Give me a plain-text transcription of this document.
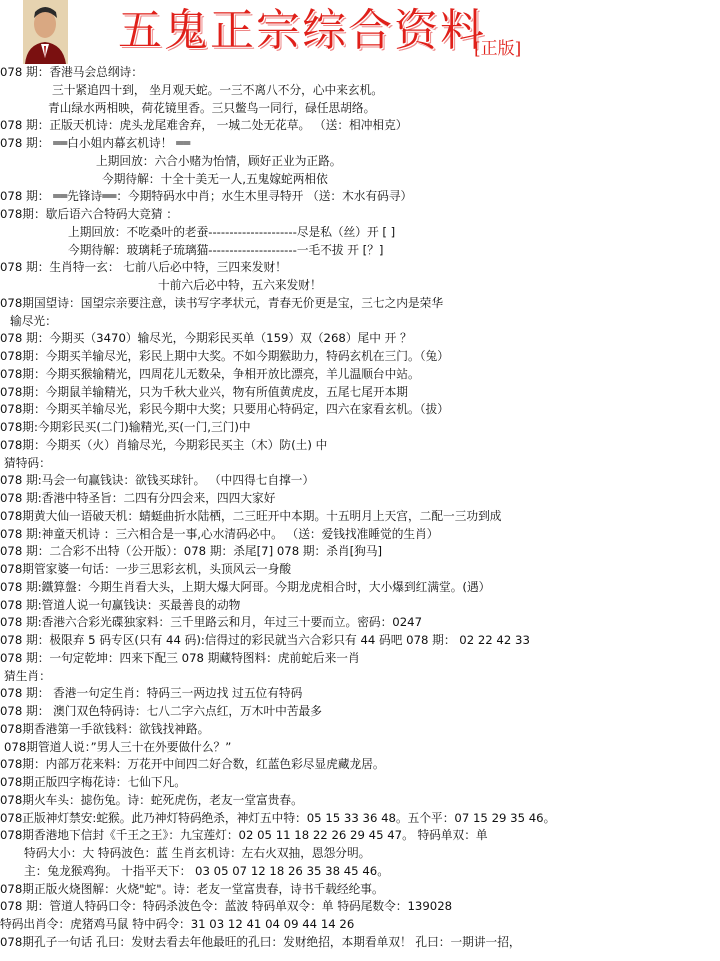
五鬼正宗综合资料
[正版]
078 期：香港马会总纲诗：
三十紧追四十到， 坐月观天蛇。一三不离八不分，心中来玄机。
青山绿水两相映，荷花镜里香。三只鳖鸟一同行，碌任思胡络。
078 期：正版天机诗：虎头龙尾难舍弃， 一城二处无花草。 （送：相冲相克）
078 期： ══白小姐内幕玄机诗！ ══
上期回放：六合小赌为怡情，顾好正业为正路。
今期待解：十全十美无一人,五鬼嫁蛇两相依
078 期： ══先锋诗══：今期特码水中肖；水生木里寻特开 （送：木水有码寻）
078期：歇后语六合特码大竞猜 ：
上期回放：不吃桑叶的老蚕---------------------尽是私（丝）开 [ ]
今期待解：玻璃耗子琉璃猫---------------------一毛不拔 开 [？]
078 期：生肖特一玄： 七前八后必中特，三四来发财！
十前六后必中特，五六来发财！
078期国望诗：国望宗亲要注意，读书写字孝状元，青春无价更是宝，三七之内是荣华
输尽光：
078 期：今期买（3470）输尽光，今期彩民买单（159）双（268）尾中 开 ？
078期：今期买羊输尽光，彩民上期中大奖。不如今期猴助力，特码玄机在三门。（兔）
078期：今期买猴输精光，四周花儿无数朵，争相开放比漂亮，羊儿温顺台中站。
078期：今期鼠羊输精光，只为千秋大业兴，物有所值黄虎皮，五尾七尾开本期
078期：今期买羊输尽光，彩民今期中大奖；只要用心特码定，四六在家看玄机。（拔）
078期:今期彩民买(二门)输精光,买(一门,三门)中
078期：今期买（火）肖输尽光，今期彩民买主（木）防(土) 中
猜特码：
078 期:马会一句赢钱诀：欲钱买球针。 （中四得七自撑一）
078 期:香港中特圣旨：二四有分四会来，四四大家好
078期黄大仙一语破天机：蜻蜓曲折水陆栖，二三旺开中本期。十五明月上天宫，二配一三功到成
078 期:神童天机诗 ：三六相合是一事,心水清码必中。 （送：爱钱找准睡觉的生肖）
078 期：二合彩不出特（公开版）：078 期：杀尾[7] 078 期：杀肖[狗马]
078期管家婆一句话：一步三思彩玄机，头顶风云一身酸
078 期:鐵算盤：今期生肖看大头，上期大爆大阿哥。今期龙虎相合时，大小爆到红满堂。(遇）
078 期:管道人说一句赢钱诀：买最善良的动物
078 期:香港六合彩光碟独家料：三千里路云和月，年过三十要而立。密码：0247
078 期：极限弃 5 码专区(只有 44 码):信得过的彩民就当六合彩只有 44 码吧 078 期： 02 22 42 33
078 期：一句定乾坤：四来下配三 078 期藏特图料：虎前蛇后来一肖
猜生肖：
078 期： 香港一句定生肖：特码三一两边找 过五位有特码
078 期： 澳门双色特码诗：七八二字六点红，万木叶中苦最多
078期香港第一手欲钱料：欲钱找神路。
078期管道人说：”男人三十在外要做什么？”
078期：内部万花来料：万花开中间四二好合数，红蓝色彩尽显虎藏龙居。
078期正版四字梅花诗：七仙下凡。
078期火车头：摅伤兔。诗：蛇死虎伤，老友一堂富贵春。
078正版神灯禁安:蛇猴。此乃神灯特码绝杀，神灯五中特：05 15 33 36 48。五个平：07 15 29 35 46。
078期香港地下信封《千王之王》：九宝莲灯：02 05 11 18 22 26 29 45 47。 特码单双：单
特码大小：大 特码波色：蓝 生肖玄机诗：左右火双抽，恩怨分明。
主：兔龙猴鸡狗。 十指平天下： 03 05 07 12 18 26 35 38 45 46。
078期正版火烧图解：火烧"蛇"。诗：老友一堂富贵春，诗书千载经纶事。
078 期：管道人特码口令：特码杀波色令：蓝波 特码单双令：单 特码尾数令：139028
特码出肖令：虎猪鸡马鼠 特中码令：31 03 12 41 04 09 44 14 26
078期孔子一句话 孔曰：发财去看去年他最旺的孔曰：发财绝招，本期看单双！ 孔曰：一期讲一招，
